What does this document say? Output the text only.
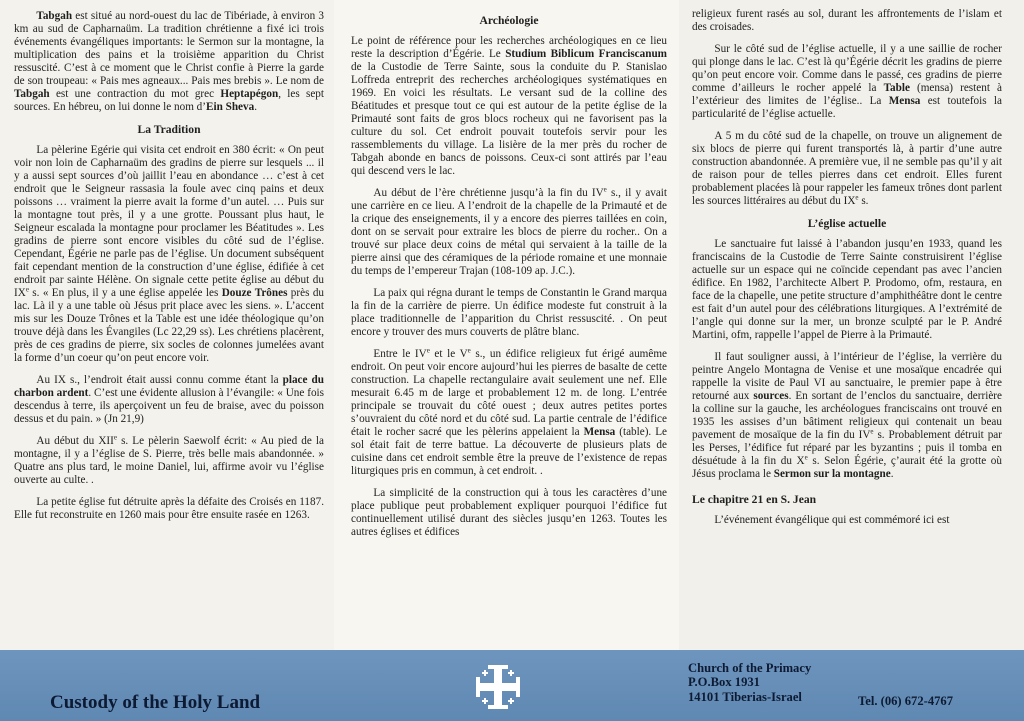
Tabgah est situé au nord-ouest du lac de Tibériade, à environ 3 km au sud de Capharnaüm. La tradition chrétienne a fixé ici trois événements évangéliques importants: le Sermon sur la montagne, la multiplication des pains et la troisième apparition du Christ ressuscité. C’est à ce moment que le Christ confie à Pierre la garde de son troupeau: « Pais mes agneaux... Pais mes brebis ». Le nom de Tabgah est une contraction du mot grec Heptapégon, les sept sources. En hébreu, on lui donne le nom d’Ein Sheva.

La Tradition

La pèlerine Egérie qui visita cet endroit en 380 écrit: « On peut voir non loin de Capharnaüm des gradins de pierre sur lesquels ... il y a aussi sept sources d’où jaillit l’eau en abondance … c’est à cet endroit que le Seigneur rassasia la foule avec cinq pains et deux poissons … vraiment la pierre avait la forme d’un autel. … Puis sur la montagne tout près, il y a une grotte. Poussant plus haut, le Seigneur escalada la montagne pour proclamer les Béatitudes ». Les gradins de pierre sont encore visibles du côté sud de l’église. Cependant, Égérie ne parle pas de l’église. Un document subséquent fait cependant mention de la construction d’une église, édifiée à cet endroit par sainte Hélène. On signale cette petite église au début du IXe s. « En plus, il y a une église appelée les Douze Trônes près du lac. Là il y a une table où Jésus prit place avec les siens. ». L’accent mis sur les Douze Trônes et la Table est une idée théologique qu’on trouve déjà dans les Évangiles (Lc 22,29 ss). Les chrétiens placèrent, près de ces gradins de pierre, six socles de colonnes jumelées avant la forme d’un coeur qu’on peut encore voir.

Au IX s., l’endroit était aussi connu comme étant la place du charbon ardent. C’est une évidente allusion à l’évangile: « Une fois descendus à terre, ils aperçoivent un feu de braise, avec du poisson dessus et du pain. » (Jn 21,9)

Au début du XIIe s. Le pèlerin Saewolf écrit: « Au pied de la montagne, il y a l’église de S. Pierre, très belle mais abandonnée. » Quatre ans plus tard, le moine Daniel, lui, affirme avoir vu l’église ouverte au culte. .

La petite église fut détruite après la défaite des Croisés en 1187. Elle fut reconstruite en 1260 mais pour être ensuite rasée en 1263.

Archéologie

Le point de référence pour les recherches archéologiques en ce lieu reste la description d’Égérie. Le Studium Biblicum Franciscanum de la Custodie de Terre Sainte, sous la conduite du P. Stanislao Loffreda entreprit des recherches archéologiques systématiques en 1969. En voici les résultats. Le versant sud de la colline des Béatitudes et presque tout ce qui est autour de la petite église de la Primauté sont faits de gros blocs rocheux qui ne favorisent pas la culture du sol. Cet endroit pouvait toutefois servir pour les rassemblements du village. La lisière de la mer près du rocher de Tabgah abonde en bancs de poissons. Ceux-ci sont attirés par l’eau qui descend vers le lac.

Au début de l’ère chrétienne jusqu’à la fin du IVe s., il y avait une carrière en ce lieu. A l’endroit de la chapelle de la Primauté et de la crique des enseignements, il y a encore des pierres taillées en coin, dont on se servait pour extraire les blocs de pierre du rocher.. On a trouvé sur place deux coins de métal qui servaient à la taille de la pierre ainsi que des céramiques de la période romaine et une monnaie du temps de l’empereur Trajan (108-109 ap. J.C.).

La paix qui régna durant le temps de Constantin le Grand marqua la fin de la carrière de pierre. Un édifice modeste fut construit à la place traditionnelle de l’apparition du Christ ressuscité. . On peut encore y trouver des murs couverts de plâtre blanc.

Entre le IVe et le Ve s., un édifice religieux fut érigé aumême endroit. On peut voir encore aujourd’hui les pierres de basalte de cette construction. La chapelle rectangulaire avait seulement une nef. Elle mesurait 6.45 m de large et probablement 12 m. de long. L’entrée principale se trouvait du côté ouest ; deux autres petites portes s’ouvraient du côté nord et du côté sud. La partie centrale de l’édifice était le rocher sacré que les pèlerins appelaient la Mensa (table). Le sol était fait de terre battue. La découverte de plusieurs plats de cuisine dans cet endroit semble être la preuve de l’existence de repas liturgiques pris en commun, à cet endroit. .

La simplicité de la construction qui à tous les caractères d’une place publique peut probablement expliquer pourquoi l’édifice fut continuellement utilisé durant des siècles jusqu’en 1263. Toutes les autres églises et édifices

religieux furent rasés au sol, durant les affrontements de l’islam et des croisades.

Sur le côté sud de l’église actuelle, il y a une saillie de rocher qui plonge dans le lac. C’est là qu’Égérie décrit les gradins de pierre qu’on peut encore voir. Comme dans le passé, ces gradins de pierre comme d’ailleurs le rocher appelé la Table (mensa) restent à l’extérieur des limites de l’église.. La Mensa est toutefois la particularité de l’église actuelle.

A 5 m du côté sud de la chapelle, on trouve un alignement de six blocs de pierre qui furent transportés là, à partir d’une autre construction abandonnée. A première vue, il ne semble pas qu’il y ait de raison pour de telles pierres dans cet endroit. Elles furent probablement placées là pour rappeler les fameux trônes dont parlent les sources littéraires au début du IXe s.

L’église actuelle

Le sanctuaire fut laissé à l’abandon jusqu’en 1933, quand les franciscains de la Custodie de Terre Sainte construisirent l’église actuelle sur un espace qui ne coïncide cependant pas avec l’ancien édifice. En 1982, l’architecte Albert P. Prodomo, ofm, restaura, en face de la chapelle, une petite structure d’amphithéâtre dont le centre est fait d’un autel pour des célébrations liturgiques. A l’extrémité de l’angle qui donne sur la mer, un bronze sculpté par le P. André Martini, ofm, rappelle l’appel de Pierre à la Primauté.

Il faut souligner aussi, à l’intérieur de l’église, la verrière du peintre Angelo Montagna de Venise et une mosaïque encadrée qui rappelle la visite de Paul VI au sanctuaire, le premier pape à être retourné aux sources. En sortant de l’enclos du sanctuaire, derrière la colline sur la gauche, les archéologues franciscains ont trouvé en 1935 les assises d’un bâtiment religieux qui contenait un beau pavement de mosaïque de la fin du IVe s. Probablement détruit par les Perses, l’édifice fut réparé par les byzantins ; puis il tomba en désuétude à la fin du Xe s. Selon Égérie, ç’aurait été la grotte où Jésus proclama le Sermon sur la montagne.

Le chapitre 21 en S. Jean

L’événement évangélique qui est commémoré ici est

Custody of the Holy Land
Church of the Primacy
P.O.Box 1931
14101 Tiberias-Israel	Tel. (06) 672-4767
